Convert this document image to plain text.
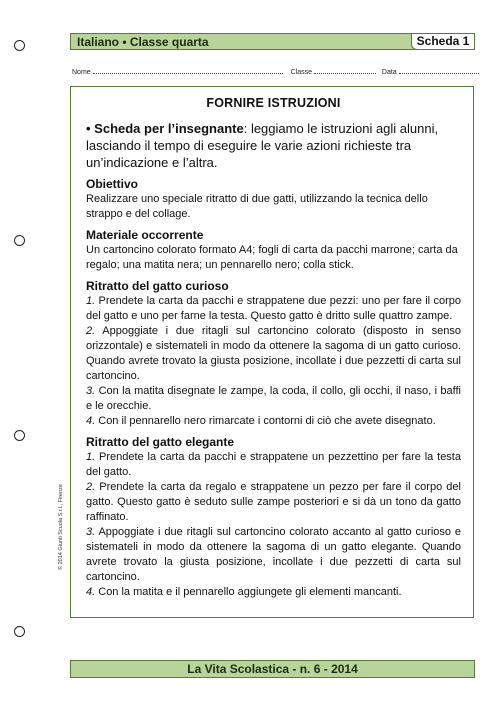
Italiano • Classe quarta	Scheda 1
Nome	Classe	Data
FORNIRE ISTRUZIONI

• Scheda per l’insegnante: leggiamo le istruzioni agli alunni, lasciando il tempo di eseguire le varie azioni richieste tra un’indicazione e l’altra.

Obiettivo

Realizzare uno speciale ritratto di due gatti, utilizzando la tecnica dello strappo e del collage.

Materiale occorrente

Un cartoncino colorato formato A4; fogli di carta da pacchi marrone; carta da regalo; una matita nera; un pennarello nero; colla stick.

Ritratto del gatto curioso

1. Prendete la carta da pacchi e strappatene due pezzi: uno per fare il corpo del gatto e uno per farne la testa. Questo gatto è dritto sulle quattro zampe.

2. Appoggiate i due ritagli sul cartoncino colorato (disposto in senso orizzontale) e sistemateli in modo da ottenere la sagoma di un gatto curioso. Quando avrete trovato la giusta posizione, incollate i due pezzetti di carta sul cartoncino.

3. Con la matita disegnate le zampe, la coda, il collo, gli occhi, il naso, i baffi e le orecchie.

4. Con il pennarello nero rimarcate i contorni di ciò che avete disegnato.

Ritratto del gatto elegante

1. Prendete la carta da pacchi e strappatene un pezzettino per fare la testa del gatto.

2. Prendete la carta da regalo e strappatene un pezzo per fare il corpo del gatto. Questo gatto è seduto sulle zampe posteriori e si dà un tono da gatto raffinato.

3. Appoggiate i due ritagli sul cartoncino colorato accanto al gatto curioso e sistemateli in modo da ottenere la sagoma di un gatto elegante. Quando avrete trovato la giusta posizione, incollate i due pezzetti di carta sul cartoncino.

4. Con la matita e il pennarello aggiungete gli elementi mancanti.

© 2014 Giunti Scuola S.r.l., Firenze
La Vita Scolastica - n. 6 - 2014
